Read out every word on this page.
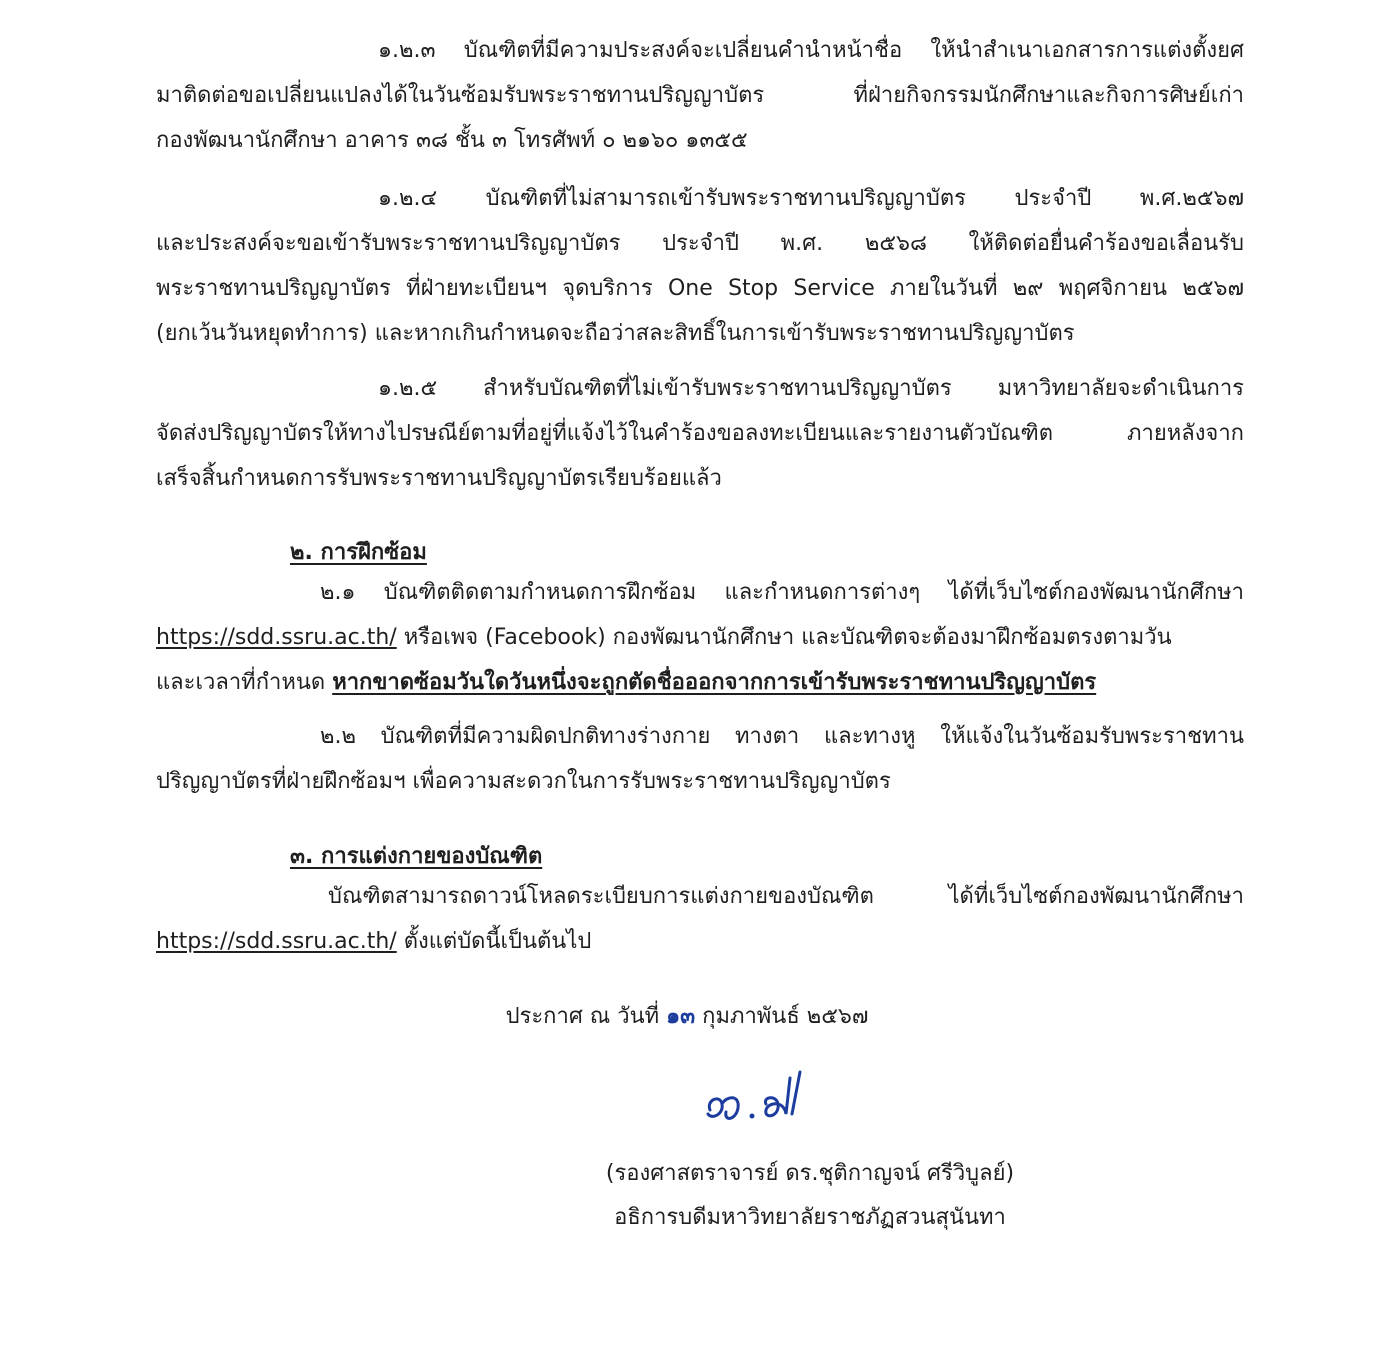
๑.๒.๓ บัณฑิตที่มีความประสงค์จะเปลี่ยนคำนำหน้าชื่อ ให้นำสำเนาเอกสารการแต่งตั้งยศ
มาติดต่อขอเปลี่ยนแปลงได้ในวันซ้อมรับพระราชทานปริญญาบัตร ที่ฝ่ายกิจกรรมนักศึกษาและกิจการศิษย์เก่า
กองพัฒนานักศึกษา อาคาร ๓๘ ชั้น ๓ โทรศัพท์ ๐ ๒๑๖๐ ๑๓๕๕
๑.๒.๔ บัณฑิตที่ไม่สามารถเข้ารับพระราชทานปริญญาบัตร ประจำปี พ.ศ.๒๕๖๗
และประสงค์จะขอเข้ารับพระราชทานปริญญาบัตร ประจำปี พ.ศ. ๒๕๖๘ ให้ติดต่อยื่นคำร้องขอเลื่อนรับ
พระราชทานปริญญาบัตร ที่ฝ่ายทะเบียนฯ จุดบริการ One Stop Service ภายในวันที่ ๒๙ พฤศจิกายน ๒๕๖๗
(ยกเว้นวันหยุดทำการ) และหากเกินกำหนดจะถือว่าสละสิทธิ์ในการเข้ารับพระราชทานปริญญาบัตร
๑.๒.๕ สำหรับบัณฑิตที่ไม่เข้ารับพระราชทานปริญญาบัตร มหาวิทยาลัยจะดำเนินการ
จัดส่งปริญญาบัตรให้ทางไปรษณีย์ตามที่อยู่ที่แจ้งไว้ในคำร้องขอลงทะเบียนและรายงานตัวบัณฑิต ภายหลังจาก
เสร็จสิ้นกำหนดการรับพระราชทานปริญญาบัตรเรียบร้อยแล้ว
๒. การฝึกซ้อม
๒.๑ บัณฑิตติดตามกำหนดการฝึกซ้อม และกำหนดการต่างๆ ได้ที่เว็บไซต์กองพัฒนานักศึกษา
https://sdd.ssru.ac.th/ หรือเพจ (Facebook) กองพัฒนานักศึกษา และบัณฑิตจะต้องมาฝึกซ้อมตรงตามวัน
และเวลาที่กำหนด หากขาดซ้อมวันใดวันหนึ่งจะถูกตัดชื่อออกจากการเข้ารับพระราชทานปริญญาบัตร
๒.๒ บัณฑิตที่มีความผิดปกติทางร่างกาย ทางตา และทางหู ให้แจ้งในวันซ้อมรับพระราชทาน
ปริญญาบัตรที่ฝ่ายฝึกซ้อมฯ เพื่อความสะดวกในการรับพระราชทานปริญญาบัตร
๓. การแต่งกายของบัณฑิต
บัณฑิตสามารถดาวน์โหลดระเบียบการแต่งกายของบัณฑิต ได้ที่เว็บไซต์กองพัฒนานักศึกษา
https://sdd.ssru.ac.th/ ตั้งแต่บัดนี้เป็นต้นไป
ประกาศ ณ วันที่ ๑๓ กุมภาพันธ์ ๒๕๖๗
(รองศาสตราจารย์ ดร.ชุติกาญจน์ ศรีวิบูลย์)
อธิการบดีมหาวิทยาลัยราชภัฏสวนสุนันทา
